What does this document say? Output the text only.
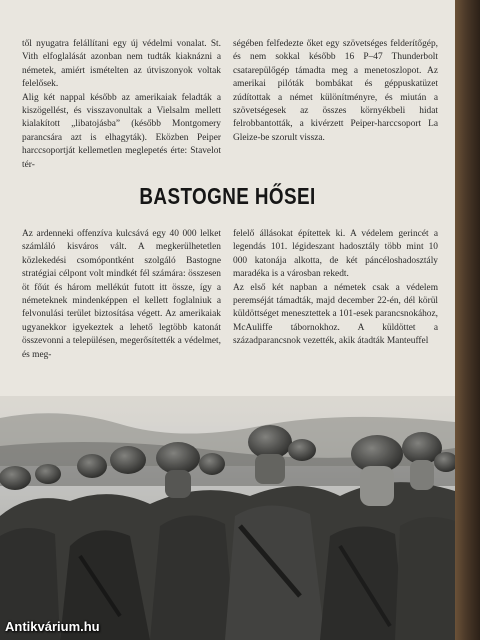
től nyugatra felállítani egy új védelmi vonalat. St. Vith elfoglalását azonban nem tudták kiaknázni a németek, amiért ismételten az útviszonyok voltak felelősek.

Alig két nappal később az amerikaiak feladták a kiszögellést, és visszavonultak a Vielsalm mellett kialakított „libatojásba” (később Montgomery parancsára azt is elhagyták). Eközben Peiper harccsoportját kellemetlen meglepetés érte: Stavelot tér-

ségében felfedezte őket egy szövetséges felderítőgép, és nem sokkal később 16 P–47 Thunderbolt csatarepülőgép támadta meg a menetoszlopot. Az amerikai pilóták bombákat és géppuskatüzet zúdítottak a német különítményre, és miután a szövetségesek az összes környékbeli hidat felrobbantották, a kivérzett Peiper-harccsoport La Gleize-be szorult vissza.

BASTOGNE HŐSEI

Az ardenneki offenzíva kulcsává egy 40 000 lelket számláló kisváros vált. A megkerülhetetlen közlekedési csomópontként szolgáló Bastogne stratégiai célpont volt mindkét fél számára: összesen öt főút és három mellékút futott itt össze, így a németeknek mindenképpen el kellett foglalniuk a felvonulási terület biztosítása végett. Az amerikaiak ugyanekkor igyekeztek a lehető legtöbb katonát összevonni a településen, megerősítették a védelmet, és meg-

felelő állásokat építettek ki. A védelem gerincét a legendás 101. légideszant hadosztály több mint 10 000 katonája alkotta, de két páncéloshadosztály maradéka is a városban rekedt.

Az első két napban a németek csak a védelem peremséját támadták, majd december 22-én, dél körül küldöttséget menesztettek a 101-esek parancsnokához, McAuliffe tábornokhoz. A küldöttet a századparancsnok vezették, akik átadták Manteuffel

Antikvárium.hu
